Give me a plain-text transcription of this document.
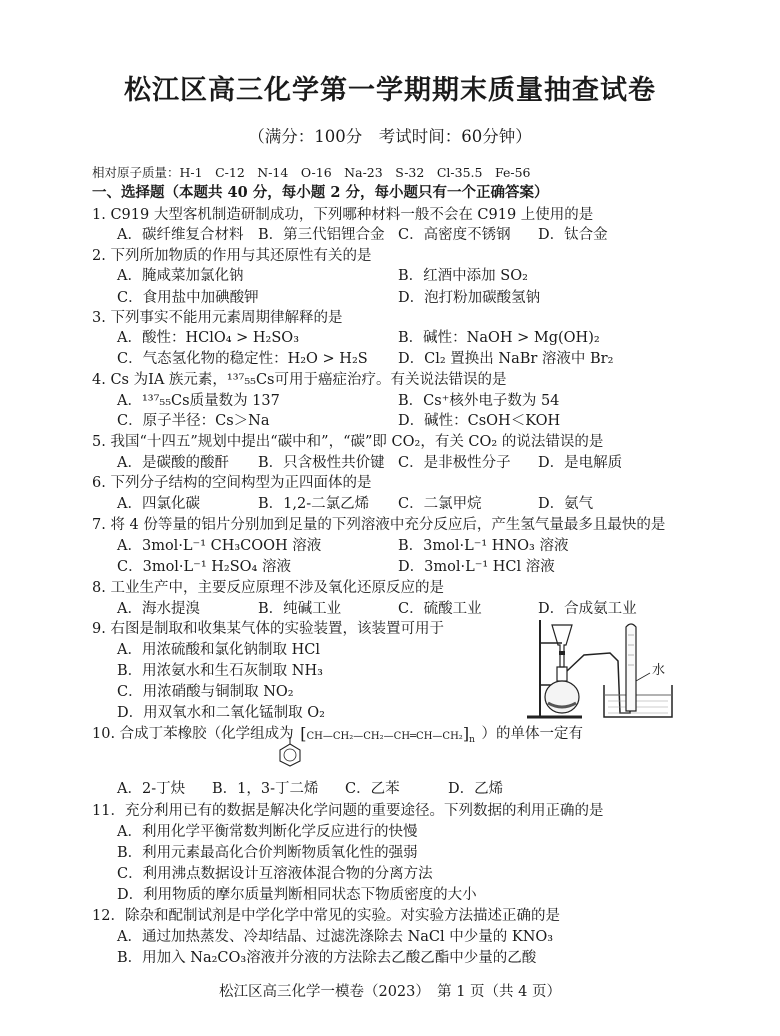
松江区高三化学第一学期期末质量抽查试卷
（满分：100分　考试时间：60分钟）
相对原子质量：H-1　C-12　N-14　O-16　Na-23　S-32　Cl-35.5　Fe-56
一、选择题（本题共 40 分，每小题 2 分，每小题只有一个正确答案）
1. C919 大型客机制造研制成功，下列哪种材料一般不会在 C919 上使用的是
A．碳纤维复合材料 B．第三代铝锂合金 C．高密度不锈钢 D．钛合金
2. 下列所加物质的作用与其还原性有关的是
A．腌咸菜加氯化钠	B．红酒中添加 SO₂
C．食用盐中加碘酸钾	D．泡打粉加碳酸氢钠
3. 下列事实不能用元素周期律解释的是
A．酸性：HClO₄ > H₂SO₃	B．碱性：NaOH > Mg(OH)₂
C．气态氢化物的稳定性：H₂O > H₂S D．Cl₂ 置换出 NaBr 溶液中 Br₂
4. Cs 为ⅠA 族元素，¹³⁷₅₅Cs可用于癌症治疗。有关说法错误的是
A．¹³⁷₅₅Cs质量数为 137	B．Cs⁺核外电子数为 54
C．原子半径：Cs＞Na	D．碱性：CsOH＜KOH
5. 我国“十四五”规划中提出“碳中和”，“碳”即 CO₂，有关 CO₂ 的说法错误的是
A．是碳酸的酸酐 B．只含极性共价键 C．是非极性分子 D．是电解质
6. 下列分子结构的空间构型为正四面体的是
A．四氯化碳	B．1,2-二氯乙烯 C．二氯甲烷	D．氨气
7. 将 4 份等量的铝片分别加到足量的下列溶液中充分反应后，产生氢气量最多且最快的是
A．3mol·L⁻¹ CH₃COOH 溶液	B．3mol·L⁻¹ HNO₃ 溶液
C．3mol·L⁻¹ H₂SO₄ 溶液	D．3mol·L⁻¹ HCl 溶液
8. 工业生产中，主要反应原理不涉及氧化还原反应的是
A．海水提溴	B．纯碱工业	C．硫酸工业	D．合成氨工业
9. 右图是制取和收集某气体的实验装置，该装置可用于
A．用浓硫酸和氯化钠制取 HCl
B．用浓氨水和生石灰制取 NH₃
C．用浓硝酸与铜制取 NO₂
D．用双氧水和二氧化锰制取 O₂
水
10. 合成丁苯橡胶（化学组成为 $[CH—CH_2—CH_2—CH═CH—CH_2]_n$ ）的单体一定有
A．2-丁炔 B．1，3-丁二烯 C．乙苯	D．乙烯
11．充分利用已有的数据是解决化学问题的重要途径。下列数据的利用正确的是
A．利用化学平衡常数判断化学反应进行的快慢
B．利用元素最高化合价判断物质氧化性的强弱
C．利用沸点数据设计互溶液体混合物的分离方法
D．利用物质的摩尔质量判断相同状态下物质密度的大小
12．除杂和配制试剂是中学化学中常见的实验。对实验方法描述正确的是
A．通过加热蒸发、冷却结晶、过滤洗涤除去 NaCl 中少量的 KNO₃
B．用加入 Na₂CO₃溶液并分液的方法除去乙酸乙酯中少量的乙酸
松江区高三化学一模卷（2023）　第 1 页（共 4 页）
